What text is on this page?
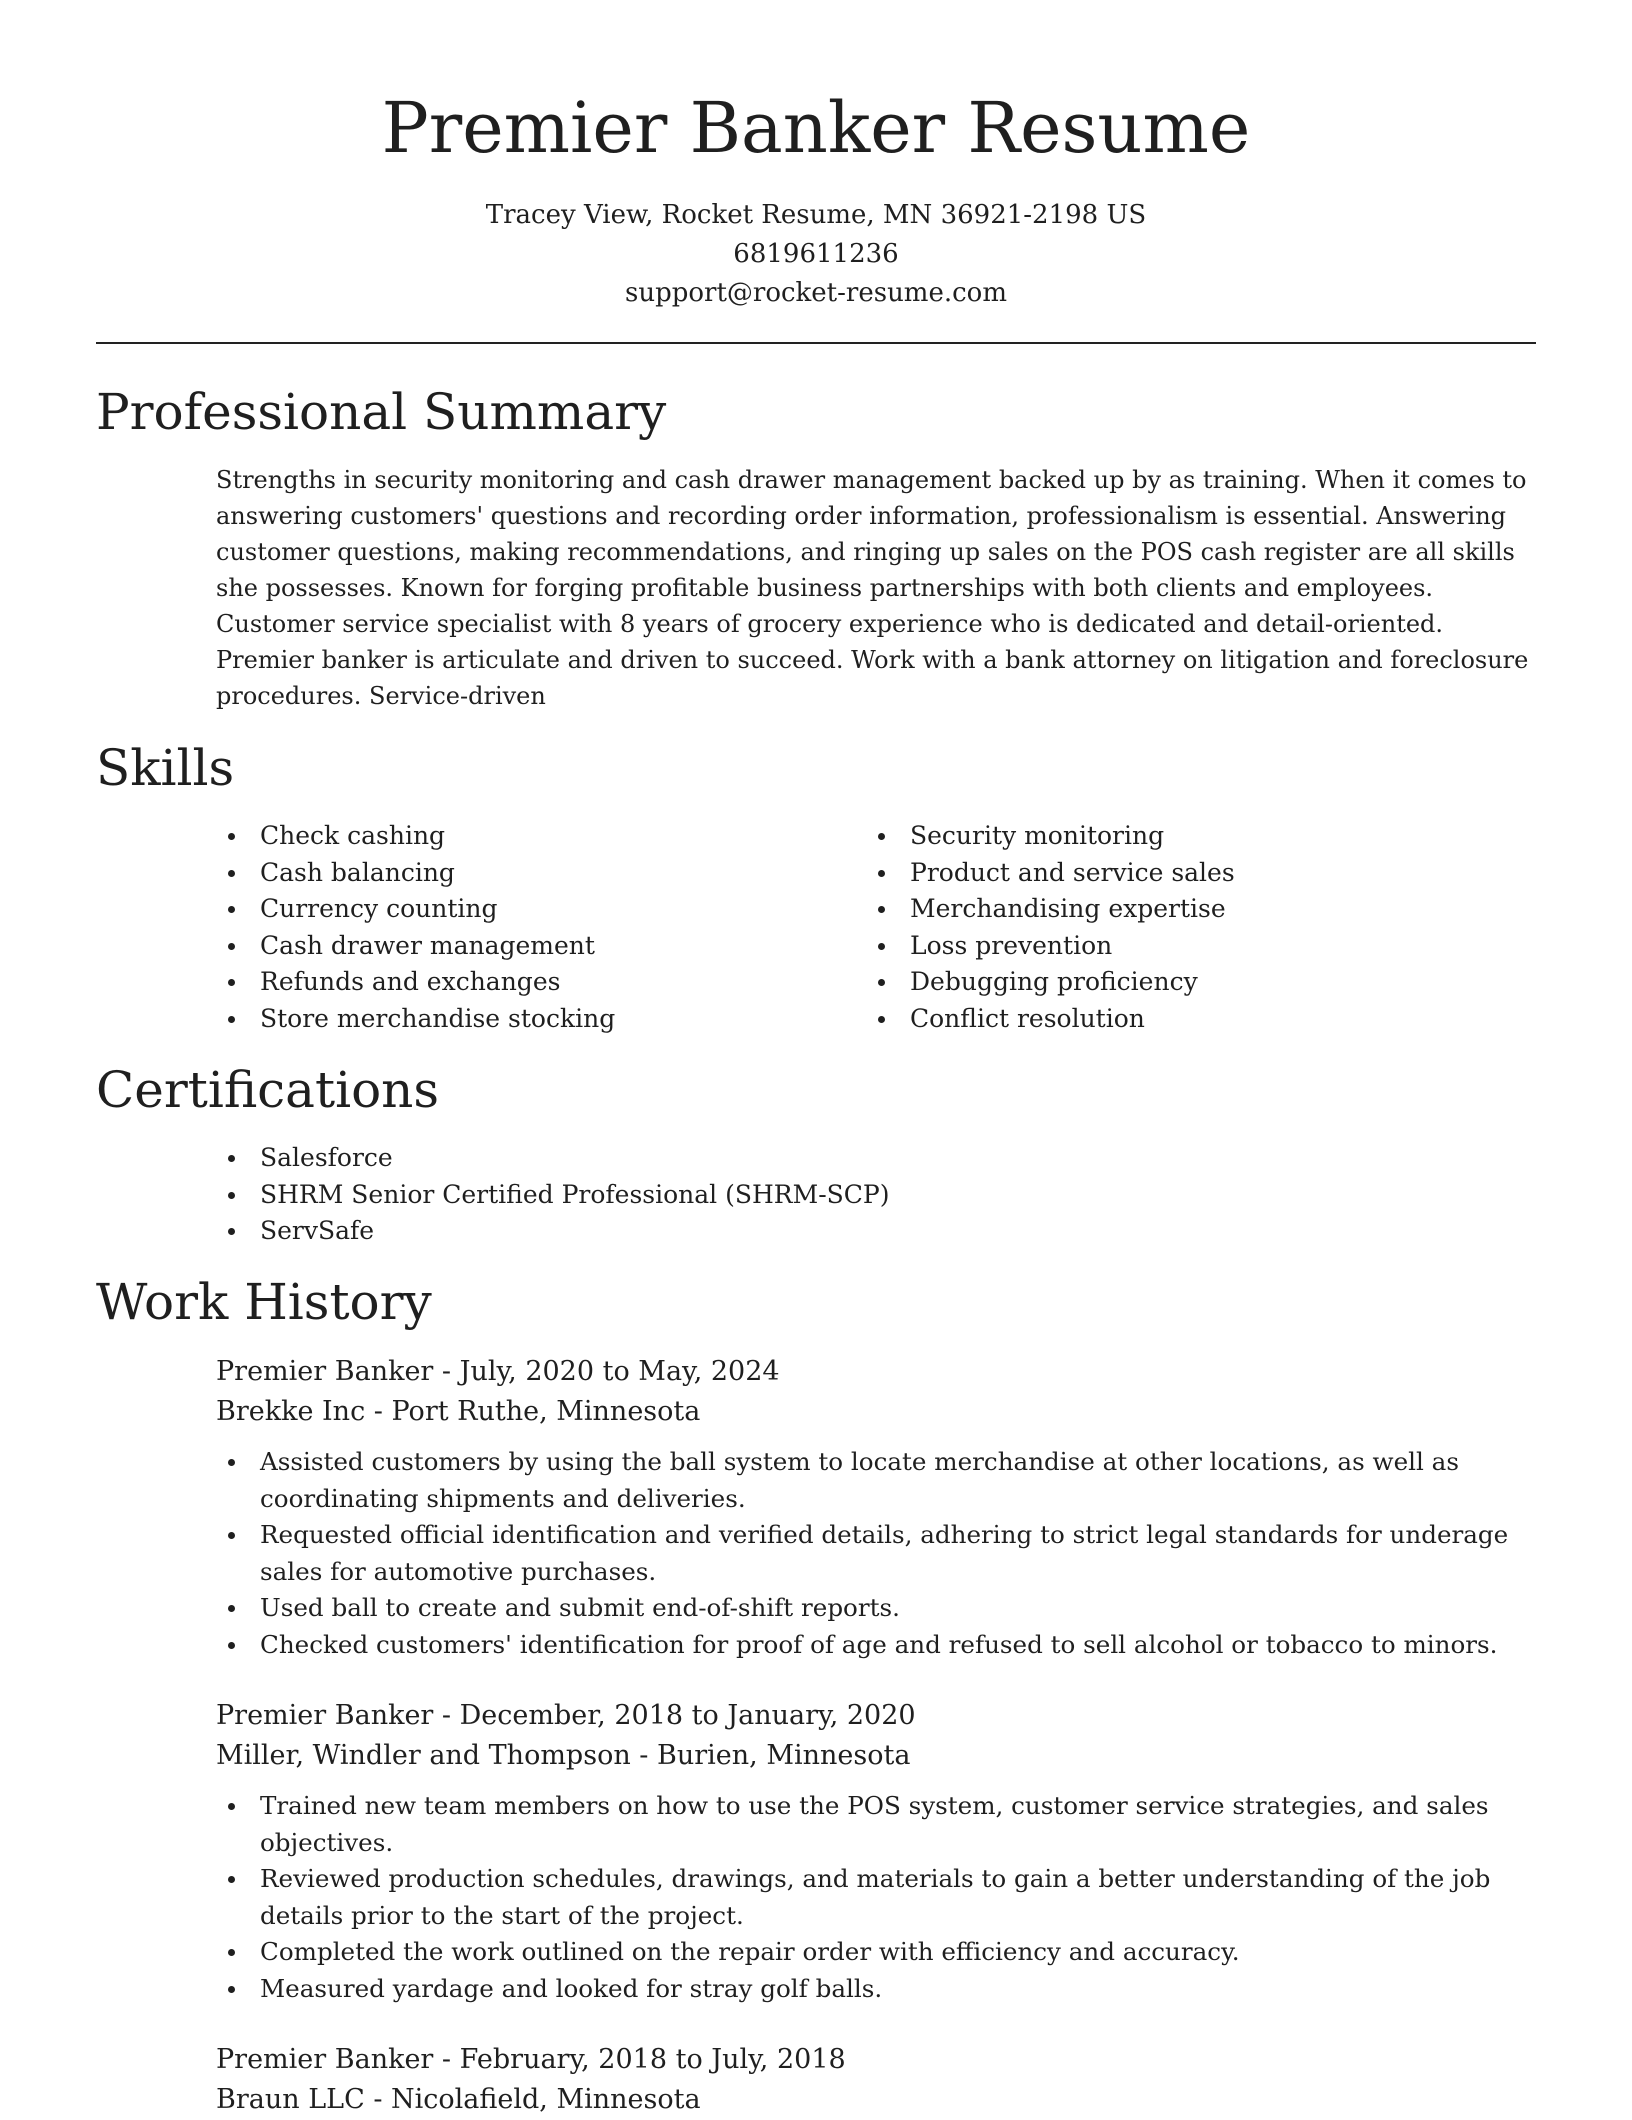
Premier Banker Resume
Tracey View, Rocket Resume, MN 36921-2198 US
6819611236
support@rocket-resume.com
Professional Summary
Strengths in security monitoring and cash drawer management backed up by as training. When it comes to answering customers' questions and recording order information, professionalism is essential. Answering customer questions, making recommendations, and ringing up sales on the POS cash register are all skills she possesses. Known for forging profitable business partnerships with both clients and employees. Customer service specialist with 8 years of grocery experience who is dedicated and detail-oriented. Premier banker is articulate and driven to succeed. Work with a bank attorney on litigation and foreclosure procedures. Service-driven
Skills
Check cashing
Cash balancing
Currency counting
Cash drawer management
Refunds and exchanges
Store merchandise stocking
Security monitoring
Product and service sales
Merchandising expertise
Loss prevention
Debugging proficiency
Conflict resolution
Certifications
Salesforce
SHRM Senior Certified Professional (SHRM-SCP)
ServSafe
Work History
Premier Banker - July, 2020 to May, 2024
Brekke Inc - Port Ruthe, Minnesota
Assisted customers by using the ball system to locate merchandise at other locations, as well as coordinating shipments and deliveries.
Requested official identification and verified details, adhering to strict legal standards for underage sales for automotive purchases.
Used ball to create and submit end-of-shift reports.
Checked customers' identification for proof of age and refused to sell alcohol or tobacco to minors.
Premier Banker - December, 2018 to January, 2020
Miller, Windler and Thompson - Burien, Minnesota
Trained new team members on how to use the POS system, customer service strategies, and sales objectives.
Reviewed production schedules, drawings, and materials to gain a better understanding of the job details prior to the start of the project.
Completed the work outlined on the repair order with efficiency and accuracy.
Measured yardage and looked for stray golf balls.
Premier Banker - February, 2018 to July, 2018
Braun LLC - Nicolafield, Minnesota
